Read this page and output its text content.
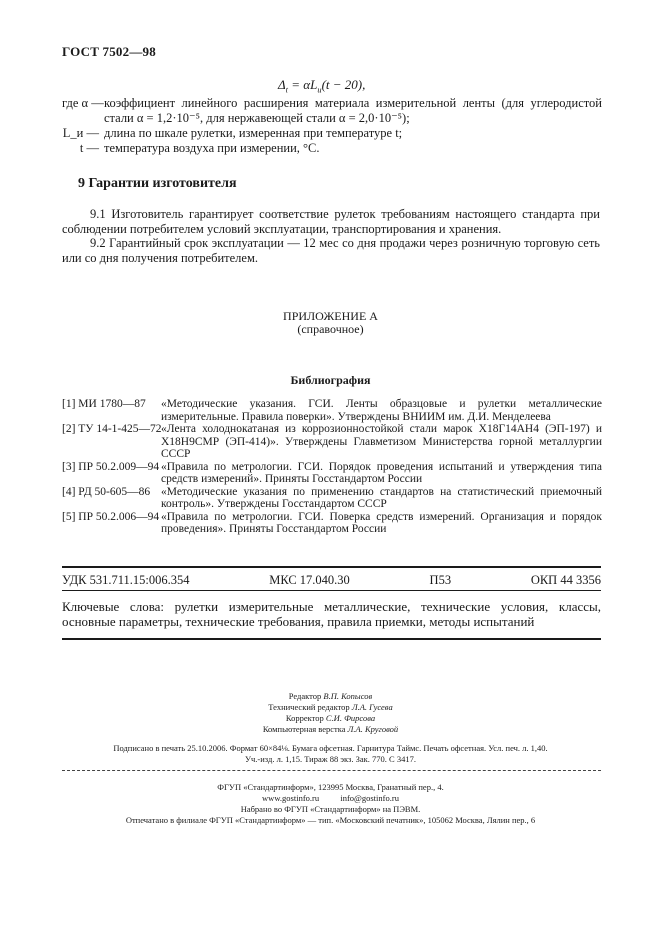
ГОСТ 7502—98
$\Delta_t = \alpha L_и(t - 20)$,
где α — коэффициент линейного расширения материала измерительной ленты (для углеродистой стали α = 1,2·10⁻⁵, для нержавеющей стали α = 2,0·10⁻⁵);
L_и — длина по шкале рулетки, измеренная при температуре t;
t — температура воздуха при измерении, °С.
9 Гарантии изготовителя
9.1 Изготовитель гарантирует соответствие рулеток требованиям настоящего стандарта при соблюдении потребителем условий эксплуатации, транспортирования и хранения.
9.2 Гарантийный срок эксплуатации — 12 мес со дня продажи через розничную торговую сеть или со дня получения потребителем.
ПРИЛОЖЕНИЕ А
(справочное)
Библиография
[1] МИ 1780—87	«Методические указания. ГСИ. Ленты образцовые и рулетки металлические измерительные. Правила поверки». Утверждены ВНИИМ им. Д.И. Менделеева
[2] ТУ 14-1-425—72 «Лента холоднокатаная из коррозионностойкой стали марок Х18Г14АН4 (ЭП-197) и Х18Н9СМР (ЭП-414)». Утверждены Главметизом Министерства горной металлургии СССР
[3] ПР 50.2.009—94 «Правила по метрологии. ГСИ. Порядок проведения испытаний и утверждения типа средств измерений». Приняты Госстандартом России
[4] РД 50-605—86 «Методические указания по применению стандартов на статистический приемочный контроль». Утверждены Госстандартом СССР
[5] ПР 50.2.006—94 «Правила по метрологии. ГСИ. Поверка средств измерений. Организация и порядок проведения». Приняты Госстандартом России
УДК 531.711.15:006.354	МКС 17.040.30	П53	ОКП 44 3356
Ключевые слова: рулетки измерительные металлические, технические условия, классы, основные параметры, технические требования, правила приемки, методы испытаний
Редактор В.П. Копысов
Технический редактор Л.А. Гусева
Корректор С.И. Фирсова
Компьютерная верстка Л.А. Круговой
Подписано в печать 25.10.2006. Формат 60×84⅛. Бумага офсетная. Гарнитура Таймс. Печать офсетная. Усл. печ. л. 1,40.
Уч.-изд. л. 1,15. Тираж 88 экз. Зак. 770. С 3417.
ФГУП «Стандартинформ», 123995 Москва, Гранатный пер., 4.
www.gostinfo.ru          info@gostinfo.ru
Набрано во ФГУП «Стандартинформ» на ПЭВМ.
Отпечатано в филиале ФГУП «Стандартинформ» — тип. «Московский печатник», 105062 Москва, Лялин пер., 6
